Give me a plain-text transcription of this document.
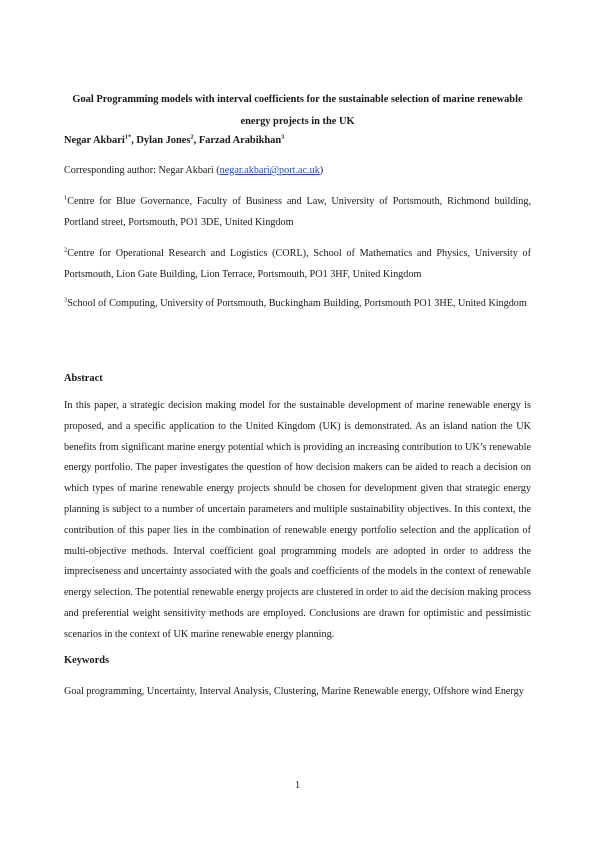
Goal Programming models with interval coefficients for the sustainable selection of marine renewable energy projects in the UK
Negar Akbari$^{1*}$, Dylan Jones$^2$, Farzad Arabikhan$^3$
Corresponding author: Negar Akbari (negar.akbari@port.ac.uk)
$^1$Centre for Blue Governance, Faculty of Business and Law, University of Portsmouth, Richmond building, Portland street, Portsmouth, PO1 3DE, United Kingdom
$^2$Centre for Operational Research and Logistics (CORL), School of Mathematics and Physics, University of Portsmouth, Lion Gate Building, Lion Terrace, Portsmouth, PO1 3HF, United Kingdom
$^3$School of Computing, University of Portsmouth, Buckingham Building, Portsmouth PO1 3HE, United Kingdom
Abstract
In this paper, a strategic decision making model for the sustainable development of marine renewable energy is proposed, and a specific application to the United Kingdom (UK) is demonstrated. As an island nation the UK benefits from significant marine energy potential which is providing an increasing contribution to UK’s renewable energy portfolio. The paper investigates the question of how decision makers can be aided to reach a decision on which types of marine renewable energy projects should be chosen for development given that strategic energy planning is subject to a number of uncertain parameters and multiple sustainability objectives. In this context, the contribution of this paper lies in the combination of renewable energy portfolio selection and the application of multi-objective methods. Interval coefficient goal programming models are adopted in order to address the impreciseness and uncertainty associated with the goals and coefficients of the models in the context of renewable energy selection. The potential renewable energy projects are clustered in order to aid the decision making process and preferential weight sensitivity methods are employed. Conclusions are drawn for optimistic and pessimistic scenarios in the context of UK marine renewable energy planning.
Keywords
Goal programming, Uncertainty, Interval Analysis, Clustering, Marine Renewable energy, Offshore wind Energy
1
